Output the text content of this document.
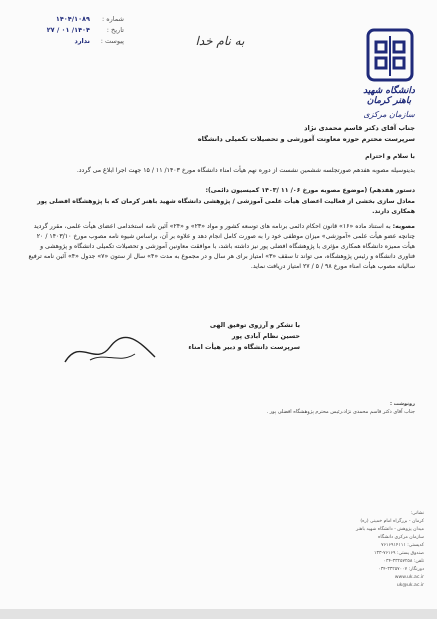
شماره :
۱۴۰۴/۱۰۸۹
تاریخ :
۱۴۰۴/ ۰۱ / ۲۷
پیوست :
ندارد	به نام خدا
دانشگاه شهید باهنر کرمان
سازمان مرکزی
جناب آقای دکتر قاسم محمدی نژاد
سرپرست محترم حوزه معاونت آموزشی و تحصیلات تکمیلی دانشگاه
با سلام و احترام
بدینوسیله مصوبه هفدهم صورتجلسه ششمین نشست از دوره نهم هیأت امناء دانشگاه مورخ ۱۴۰۳/ ۱۱ / ۱۵ جهت اجرا ابلاغ می گردد.
دستور هفدهم) (موضوع مصوبه مورخ ۰۶/ ۱۱ /۱۴۰۳ کمیسیون دائمی):
معادل سازی بخشی از فعالیت اعضای هیأت علمی آموزشی / پژوهشی دانشگاه شهید باهنر کرمان که با پژوهشگاه افضلی پور همکاری دارند.
مصوبه: به استناد ماده «۱۶» قانون احکام دائمی برنامه های توسعه کشور و مواد «۲۳» و «۲۴» آئین نامه استخدامی اعضای هیأت علمی، مقرر گردید چنانچه عضو هیأت علمی «آموزشی» میزان موظفی خود را به صورت کامل انجام دهد و علاوه بر آن، براساس شیوه نامه مصوب مورخ ۱۴۰۳/۱۰ / ۲۰ هیأت ممیزه دانشگاه همکاری مؤثری با پژوهشگاه افضلی پور نیز داشته باشد، با موافقت معاونین آموزشی و تحصیلات تکمیلی دانشگاه و پژوهشی و فناوری دانشگاه و رئیس پژوهشگاه، می تواند تا سقف «۳» امتیاز برای هر سال و در مجموع به مدت «۴» سال از ستون «۷» جدول «۴» آئین نامه ترفیع سالیانه مصوب هیأت امناء مورخ ۹۸ / ۵ / ۲۷ امتیاز دریافت نماید.
با تشکر و آرزوی توفیق الهی
حسین نظام آبادی پور
سرپرست دانشگاه و دبیر هیأت امناء
رونوشت :
جناب آقای دکتر قاسم محمدی نژاد،رئیس محترم پژوهشگاه افضلی پور .
نشانی:
کرمان - بزرگراه امام خمینی (ره)
میدان پژوهش - دانشگاه شهید باهنر
سازمان مرکزی دانشگاه
کدپستی: ۷۶۱۶۹۱۴۱۱۱
صندوق پستی: ۷۶۱۶۹-۱۳۳
تلفن: ۳۳۲۵۷۲۵۸-۰۳۴
دورنگار: ۳۳۲۵۷۰۰۷-۰۳۴
www.uk.ac.ir
uk@uk.ac.ir
